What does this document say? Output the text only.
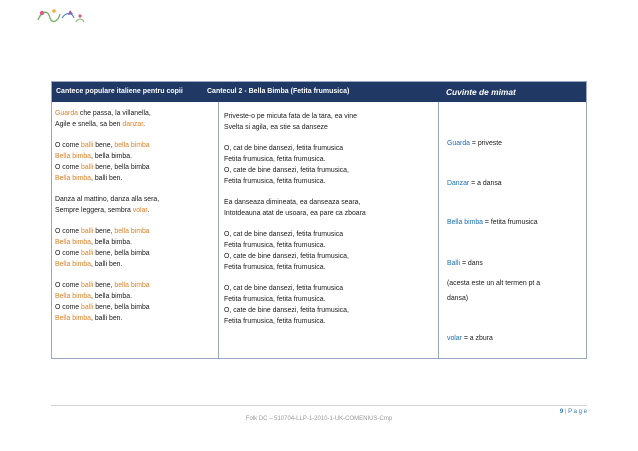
Cantece populare italiene pentru copii	Cantecul 2 - Bella Bimba (Fetita frumusica)	Cuvinte de mimat
Guarda che passa, la villanella,
Agile e snella, sa ben danzar.
O come balli bene, bella bimba
Bella bimba, bella bimba.
O come balli bene, bella bimba
Bella bimba, balli ben.
Danza al mattino, danza alla sera,
Sempre leggera, sembra volar.
O come balli bene, bella bimba
Bella bimba, bella bimba.
O come balli bene, bella bimba
Bella bimba, balli ben.
O come balli bene, bella bimba
Bella bimba, bella bimba.
O come balli bene, bella bimba
Bella bimba, balli ben.
Priveste-o pe micuta fata de la tara, ea vine
Svelta si agila, ea stie sa danseze
O, cat de bine dansezi, fetita frumusica
Fetita frumusica, fetita frumusica.
O, cate de bine dansezi, fetita frumusica,
Fetita frumusica, fetita frumusica.
Ea danseaza dimineata, ea danseaza seara,
Intotdeauna atat de usoara, ea pare ca zboara
O, cat de bine dansezi, fetita frumusica
Fetita frumusica, fetita frumusica.
O, cate de bine dansezi, fetita frumusica,
Fetita frumusica, fetita frumusica.
O, cat de bine dansezi, fetita frumusica
Fetita frumusica, fetita frumusica.
O, cate de bine dansezi, fetita frumusica,
Fetita frumusica, fetita frumusica.
Guarda = priveste
Danzar = a dansa
Bella bimba = fetita frumusica
Balli = dans
(acesta este un alt termen pt a
dansa)
volar = a zbura
9 | P a g e
Folk DC – 510704-LLP-1-2010-1-UK-COMENIUS-Cmp
